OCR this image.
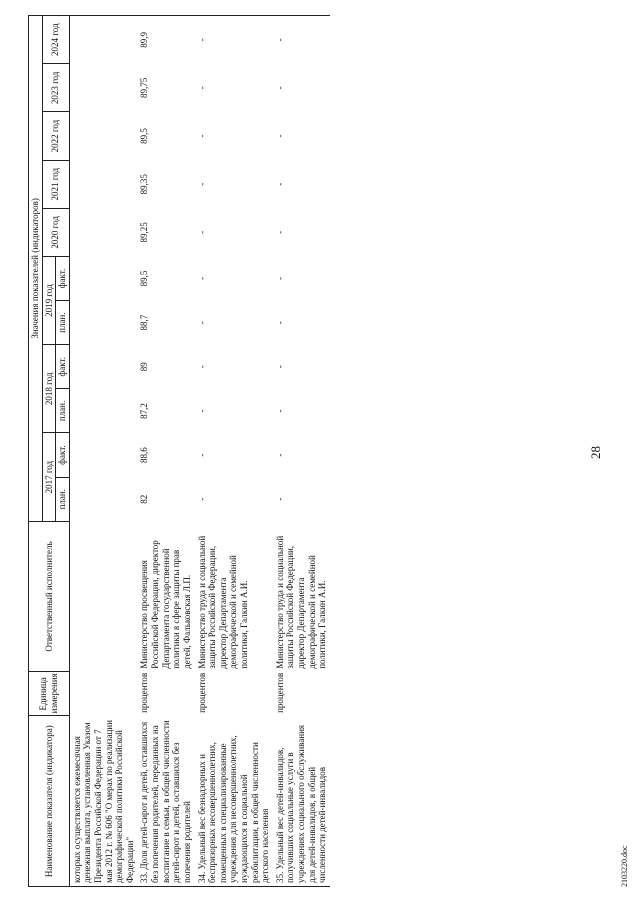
Наименование показателя (индикатора)	Единица измерения	Ответственный исполнитель	Значения показателей (индикаторов)										
			2017 год		2018 год		2019 год		2020 год	2021 год	2022 год	2023 год	2024 год
			план.	факт.	план.	факт.	план.	факт.					
которых осуществляется ежемесячная денежная выплата, установленная Указом Президента Российской Федерации от 7 мая 2012 г. № 606 "О мерах по реализации демографической политики Российской Федерации"													
33. Доля детей-сирот и детей, оставшихся без попечения родителей, переданных на воспитание в семьи, в общей численности детей-сирот и детей, оставшихся без попечения родителей	процентов	Министерство просвещения Российской Федерации, директор Департамента государственной политики в сфере защиты прав детей, Фальковская Л.П.	82	88,6	87,2	89	88,7	89,5	89,25	89,35	89,5	89,75	89,9
34. Удельный вес безнадзорных и беспризорных несовершеннолетних, помещенных в специализированные учреждения для несовершеннолетних, нуждающихся в социальной реабилитации, в общей численности детского населения	процентов	Министерство труда и социальной защиты Российской Федерации, директор Департамента демографической и семейной политики, Галкин А.И.	-	-	-	-	-	-	-	-	-	-	-
35. Удельный вес детей-инвалидов, получивших социальные услуги в учреждениях социального обслуживания для детей-инвалидов, в общей численности детей-инвалидов	процентов	Министерство труда и социальной защиты Российской Федерации, директор Департамента демографической и семейной политики, Галкин А.И.	-	-	-	-	-	-	-	-	-	-	-
28
2103220.doc
